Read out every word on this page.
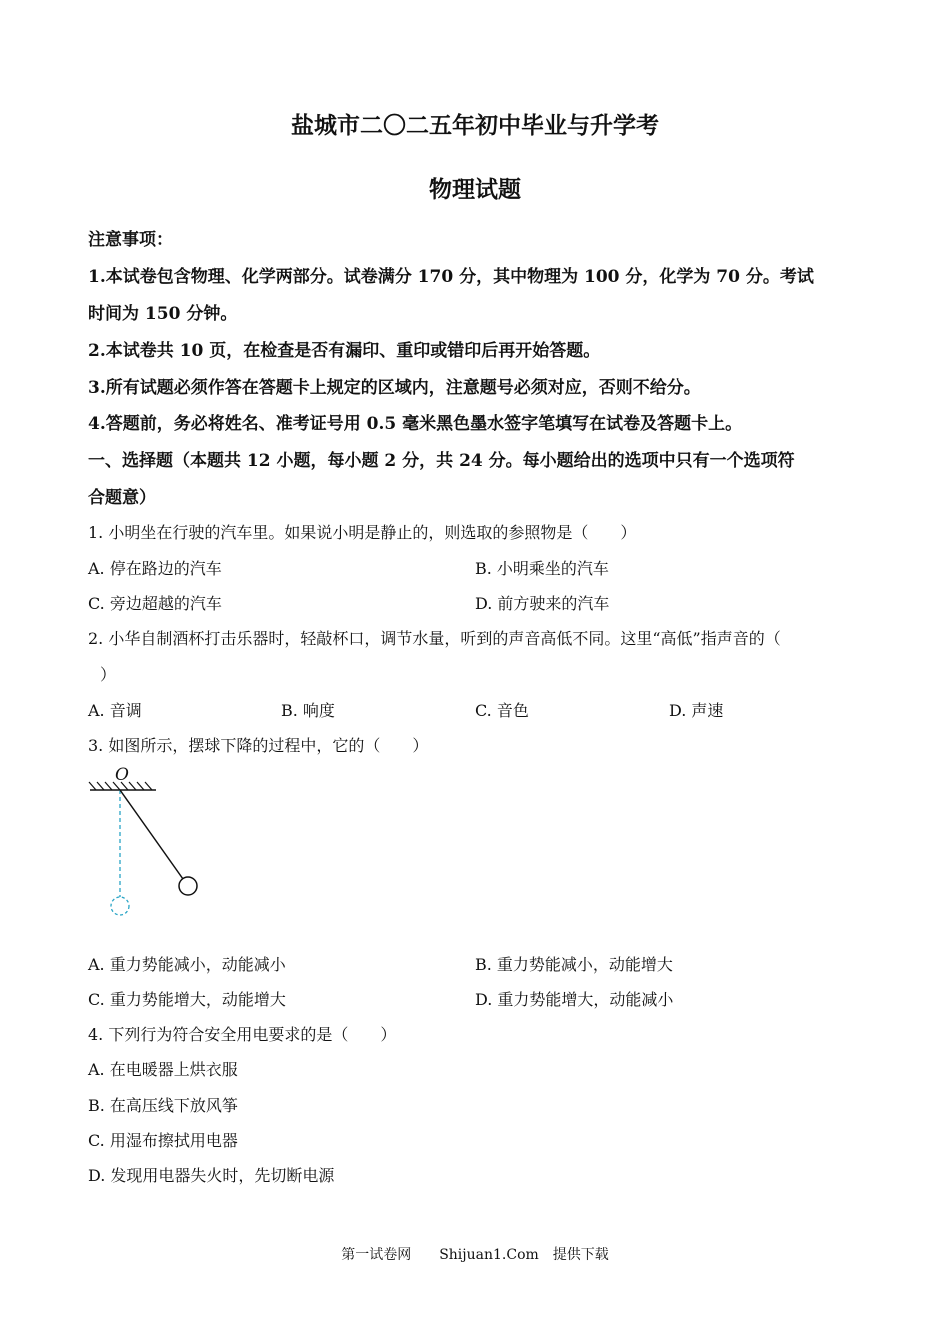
盐城市二〇二五年初中毕业与升学考
物理试题
注意事项：
1.本试卷包含物理、化学两部分。试卷满分 170 分，其中物理为 100 分，化学为 70 分。考试
时间为 150 分钟。
2.本试卷共 10 页，在检查是否有漏印、重印或错印后再开始答题。
3.所有试题必须作答在答题卡上规定的区域内，注意题号必须对应，否则不给分。
4.答题前，务必将姓名、准考证号用 0.5 毫米黑色墨水签字笔填写在试卷及答题卡上。
一、选择题（本题共 12 小题，每小题 2 分，共 24 分。每小题给出的选项中只有一个选项符
合题意）
1. 小明坐在行驶的汽车里。如果说小明是静止的，则选取的参照物是（　　）
A. 停在路边的汽车	B. 小明乘坐的汽车
C. 旁边超越的汽车	D. 前方驶来的汽车
2. 小华自制酒杯打击乐器时，轻敲杯口，调节水量，听到的声音高低不同。这里“高低”指声音的（
）
A. 音调	B. 响度	C. 音色	D. 声速
3. 如图所示，摆球下降的过程中，它的（　　）
O
A. 重力势能减小，动能减小	B. 重力势能减小，动能增大
C. 重力势能增大，动能增大	D. 重力势能增大，动能减小
4. 下列行为符合安全用电要求的是（　　）
A. 在电暖器上烘衣服
B. 在高压线下放风筝
C. 用湿布擦拭用电器
D. 发现用电器失火时，先切断电源
第一试卷网　　Shijuan1.Com　提供下载
